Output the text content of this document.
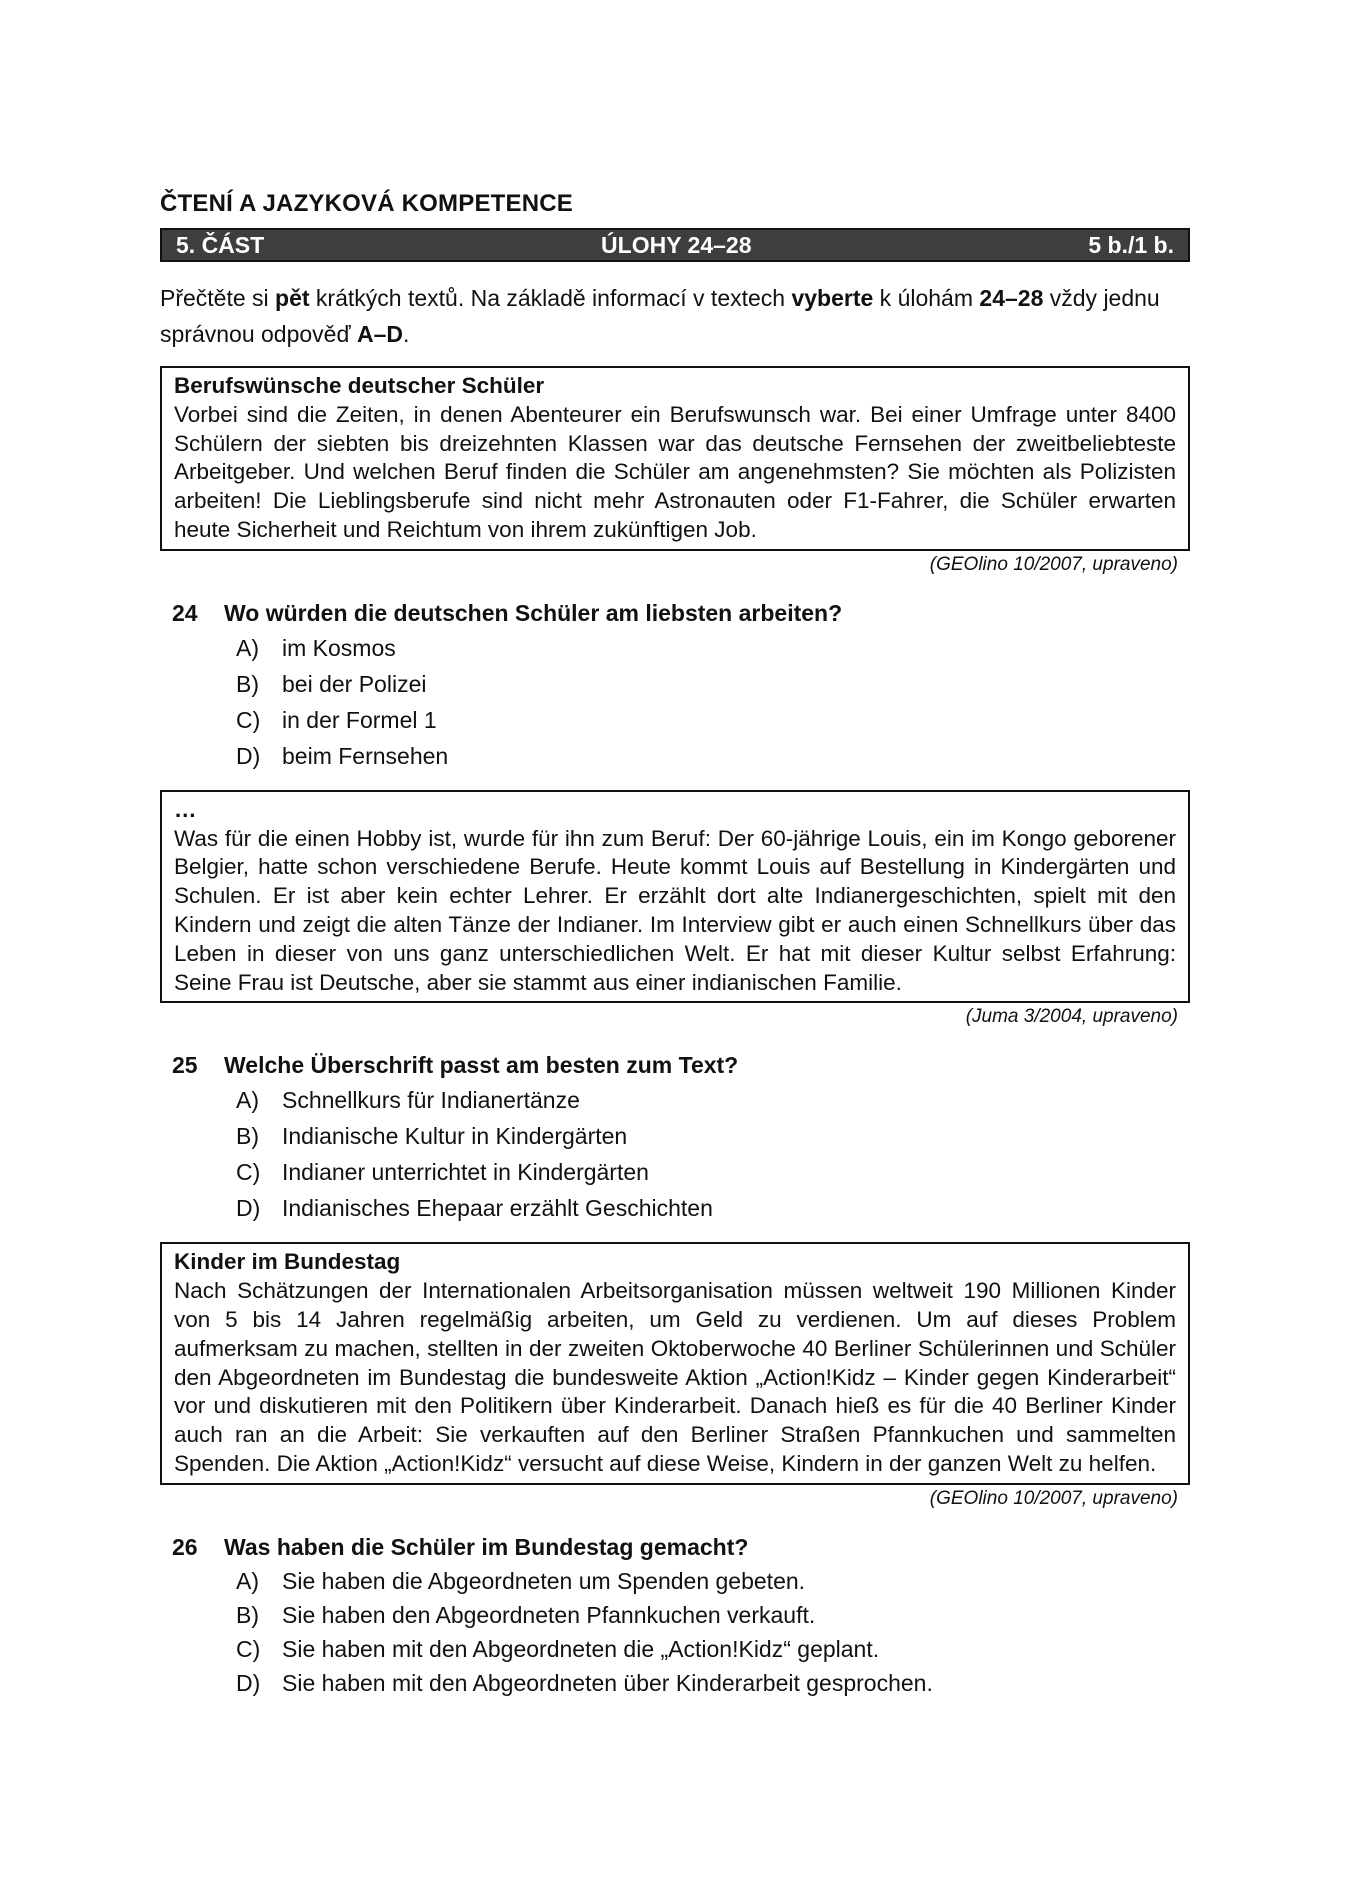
ČTENÍ A JAZYKOVÁ KOMPETENCE
5. ČÁST	ÚLOHY 24–28	5 b./1 b.
Přečtěte si pět krátkých textů. Na základě informací v textech vyberte k úlohám 24–28 vždy jednu správnou odpověď A–D.
Berufswünsche deutscher Schüler
Vorbei sind die Zeiten, in denen Abenteurer ein Berufswunsch war. Bei einer Umfrage unter 8400 Schülern der siebten bis dreizehnten Klassen war das deutsche Fernsehen der zweitbeliebteste Arbeitgeber. Und welchen Beruf finden die Schüler am angenehmsten? Sie möchten als Polizisten arbeiten! Die Lieblingsberufe sind nicht mehr Astronauten oder F1-Fahrer, die Schüler erwarten heute Sicherheit und Reichtum von ihrem zukünftigen Job.
(GEOlino 10/2007, upraveno)
24	Wo würden die deutschen Schüler am liebsten arbeiten?
A)	im Kosmos
B)	bei der Polizei
C) in der Formel 1
D) beim Fernsehen
…
Was für die einen Hobby ist, wurde für ihn zum Beruf: Der 60-jährige Louis, ein im Kongo geborener Belgier, hatte schon verschiedene Berufe. Heute kommt Louis auf Bestellung in Kindergärten und Schulen. Er ist aber kein echter Lehrer. Er erzählt dort alte Indianergeschichten, spielt mit den Kindern und zeigt die alten Tänze der Indianer. Im Interview gibt er auch einen Schnellkurs über das Leben in dieser von uns ganz unterschiedlichen Welt. Er hat mit dieser Kultur selbst Erfahrung: Seine Frau ist Deutsche, aber sie stammt aus einer indianischen Familie.
(Juma 3/2004, upraveno)
25	Welche Überschrift passt am besten zum Text?
A)	Schnellkurs für Indianertänze
B)	Indianische Kultur in Kindergärten
C) Indianer unterrichtet in Kindergärten
D) Indianisches Ehepaar erzählt Geschichten
Kinder im Bundestag
Nach Schätzungen der Internationalen Arbeitsorganisation müssen weltweit 190 Millionen Kinder von 5 bis 14 Jahren regelmäßig arbeiten, um Geld zu verdienen. Um auf dieses Problem aufmerksam zu machen, stellten in der zweiten Oktoberwoche 40 Berliner Schülerinnen und Schüler den Abgeordneten im Bundestag die bundesweite Aktion „Action!Kidz – Kinder gegen Kinderarbeit“ vor und diskutieren mit den Politikern über Kinderarbeit. Danach hieß es für die 40 Berliner Kinder auch ran an die Arbeit: Sie verkauften auf den Berliner Straßen Pfannkuchen und sammelten Spenden. Die Aktion „Action!Kidz“ versucht auf diese Weise, Kindern in der ganzen Welt zu helfen.
(GEOlino 10/2007, upraveno)
26	Was haben die Schüler im Bundestag gemacht?
A)	Sie haben die Abgeordneten um Spenden gebeten.
B)	Sie haben den Abgeordneten Pfannkuchen verkauft.
C) Sie haben mit den Abgeordneten die „Action!Kidz“ geplant.
D) Sie haben mit den Abgeordneten über Kinderarbeit gesprochen.
